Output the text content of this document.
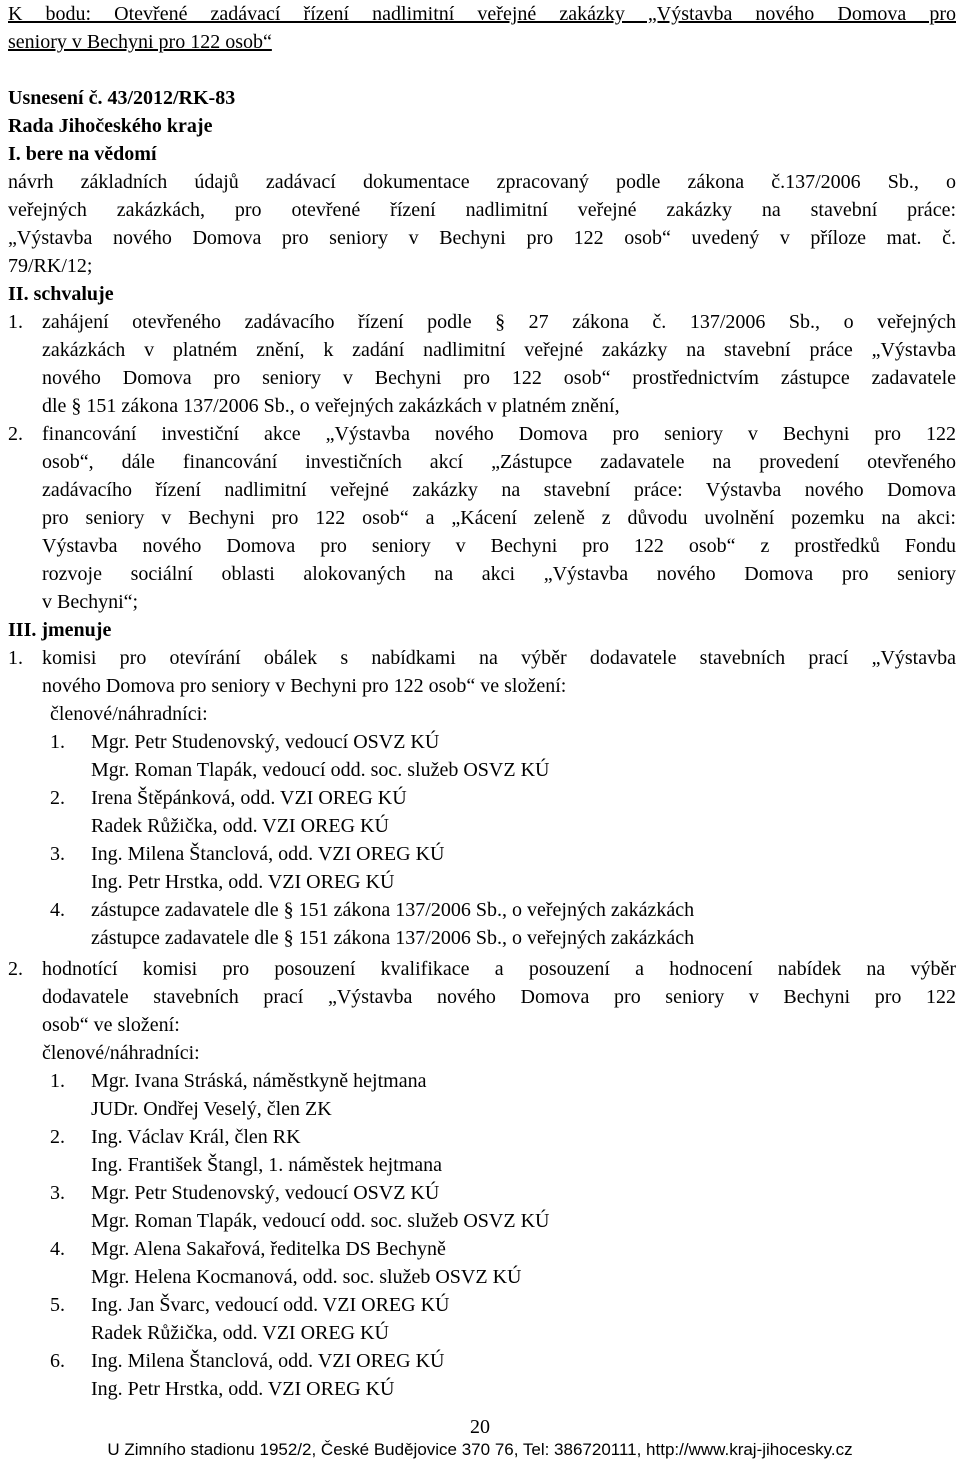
K bodu: Otevřené zadávací řízení nadlimitní veřejné zakázky „Výstavba nového Domova pro
seniory v Bechyni pro 122 osob“
Usnesení č. 43/2012/RK-83
Rada Jihočeského kraje
I. bere na vědomí
návrh základních údajů zadávací dokumentace zpracovaný podle zákona č.137/2006 Sb., o
veřejných zakázkách, pro otevřené řízení nadlimitní veřejné zakázky na stavební práce:
„Výstavba nového Domova pro seniory v Bechyni pro 122 osob“ uvedený v příloze mat. č.
79/RK/12;
II. schvaluje
1. zahájení otevřeného zadávacího řízení podle § 27 zákona č. 137/2006 Sb., o veřejných
zakázkách v platném znění, k zadání nadlimitní veřejné zakázky na stavební práce „Výstavba
nového Domova pro seniory v Bechyni pro 122 osob“ prostřednictvím zástupce zadavatele
dle § 151 zákona 137/2006 Sb., o veřejných zakázkách v platném znění,
2. financování investiční akce „Výstavba nového Domova pro seniory v Bechyni pro 122
osob“, dále financování investičních akcí „Zástupce zadavatele na provedení otevřeného
zadávacího řízení nadlimitní veřejné zakázky na stavební práce: Výstavba nového Domova
pro seniory v Bechyni pro 122 osob“ a „Kácení zeleně z důvodu uvolnění pozemku na akci:
Výstavba nového Domova pro seniory v Bechyni pro 122 osob“ z prostředků Fondu
rozvoje sociální oblasti alokovaných na akci „Výstavba nového Domova pro seniory
v Bechyni“;
III. jmenuje
1. komisi pro otevírání obálek s nabídkami na výběr dodavatele stavebních prací „Výstavba
nového Domova pro seniory v Bechyni pro 122 osob“ ve složení:
členové/náhradníci:
1.	Mgr. Petr Studenovský, vedoucí OSVZ KÚ
Mgr. Roman Tlapák, vedoucí odd. soc. služeb OSVZ KÚ
2.	Irena Štěpánková, odd. VZI OREG KÚ
Radek Růžička, odd. VZI OREG KÚ
3.	Ing. Milena Štanclová, odd. VZI OREG KÚ
Ing. Petr Hrstka, odd. VZI OREG KÚ
4.	zástupce zadavatele dle § 151 zákona 137/2006 Sb., o veřejných zakázkách
zástupce zadavatele dle § 151 zákona 137/2006 Sb., o veřejných zakázkách
2. hodnotící komisi pro posouzení kvalifikace a posouzení a hodnocení nabídek na výběr
dodavatele stavebních prací „Výstavba nového Domova pro seniory v Bechyni pro 122
osob“ ve složení:
členové/náhradníci:
1.	Mgr. Ivana Stráská, náměstkyně hejtmana
JUDr. Ondřej Veselý, člen ZK
2.	Ing. Václav Král, člen RK
Ing. František Štangl, 1. náměstek hejtmana
3.	Mgr. Petr Studenovský, vedoucí OSVZ KÚ
Mgr. Roman Tlapák, vedoucí odd. soc. služeb OSVZ KÚ
4.	Mgr. Alena Sakařová, ředitelka DS Bechyně
Mgr. Helena Kocmanová, odd. soc. služeb OSVZ KÚ
5.	Ing. Jan Švarc, vedoucí odd. VZI OREG KÚ
Radek Růžička, odd. VZI OREG KÚ
6.	Ing. Milena Štanclová, odd. VZI OREG KÚ
Ing. Petr Hrstka, odd. VZI OREG KÚ
20
U Zimního stadionu 1952/2, České Budějovice 370 76, Tel: 386720111, http://www.kraj-jihocesky.cz
